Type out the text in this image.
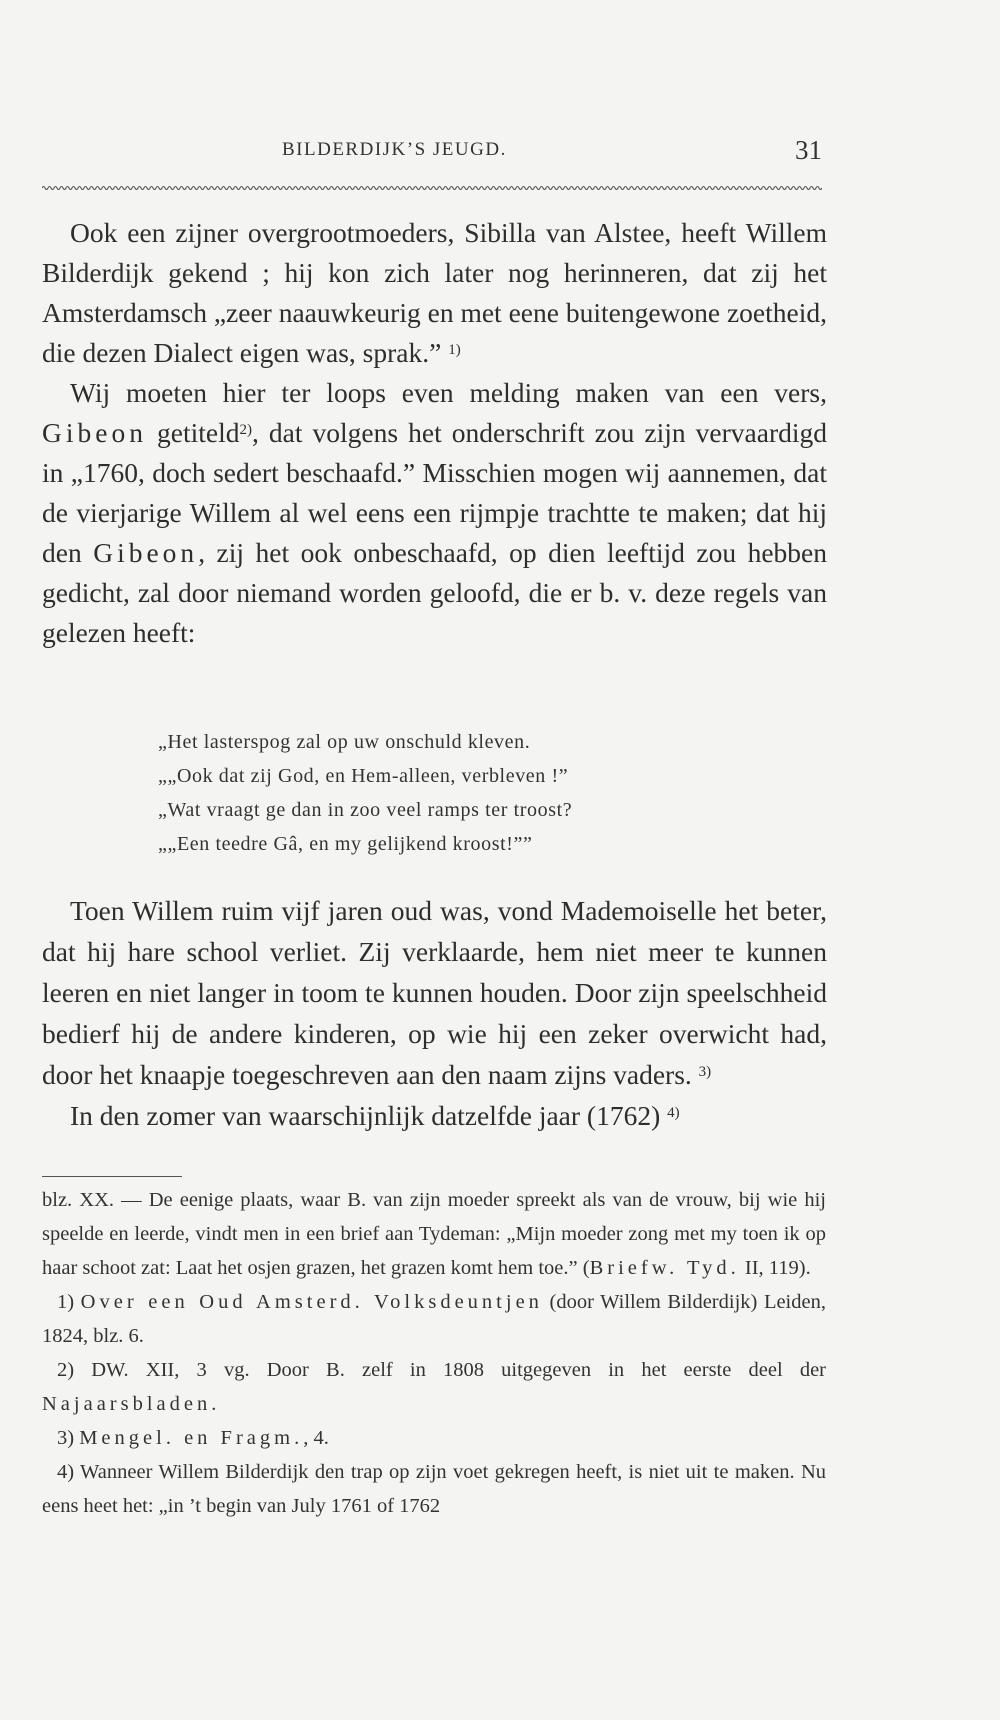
BILDERDIJK’S JEUGD.	31

Ook een zijner overgrootmoeders, Sibilla van Alstee, heeft Willem Bilderdijk gekend ; hij kon zich later nog herinneren, dat zij het Amsterdamsch „zeer naauwkeurig en met eene buitengewone zoetheid, die dezen Dialect eigen was, sprak.” $^{1)}$

Wij moeten hier ter loops even melding maken van een vers, Gibeon getiteld$^{2)}$, dat volgens het onderschrift zou zijn vervaardigd in „1760, doch sedert beschaafd.” Misschien mogen wij aannemen, dat de vierjarige Willem al wel eens een rijmpje trachtte te maken; dat hij den Gibeon, zij het ook onbeschaafd, op dien leeftijd zou hebben gedicht, zal door niemand worden geloofd, die er b. v. deze regels van gelezen heeft:

„Het lasterspog zal op uw onschuld kleven.
„„Ook dat zij God, en Hem-alleen, verbleven !”
„Wat vraagt ge dan in zoo veel ramps ter troost?
„„Een teedre Gâ, en my gelijkend kroost!””

Toen Willem ruim vijf jaren oud was, vond Mademoiselle het beter, dat hij hare school verliet. Zij verklaarde, hem niet meer te kunnen leeren en niet langer in toom te kunnen houden. Door zijn speelschheid bedierf hij de andere kinderen, op wie hij een zeker overwicht had, door het knaapje toegeschreven aan den naam zijns vaders. $^{3)}$

In den zomer van waarschijnlijk datzelfde jaar (1762) $^{4)}$

blz. XX. — De eenige plaats, waar B. van zijn moeder spreekt als van de vrouw, bij wie hij speelde en leerde, vindt men in een brief aan Tydeman: „Mijn moeder zong met my toen ik op haar schoot zat: Laat het osjen grazen, het grazen komt hem toe.” (Briefw. Tyd. II, 119).

1) Over een Oud Amsterd. Volksdeuntjen (door Willem Bilderdijk) Leiden, 1824, blz. 6.

2) DW. XII, 3 vg. Door B. zelf in 1808 uitgegeven in het eerste deel der Najaarsbladen.

3) Mengel. en Fragm., 4.

4) Wanneer Willem Bilderdijk den trap op zijn voet gekregen heeft, is niet uit te maken. Nu eens heet het: „in ’t begin van July 1761 of 1762
